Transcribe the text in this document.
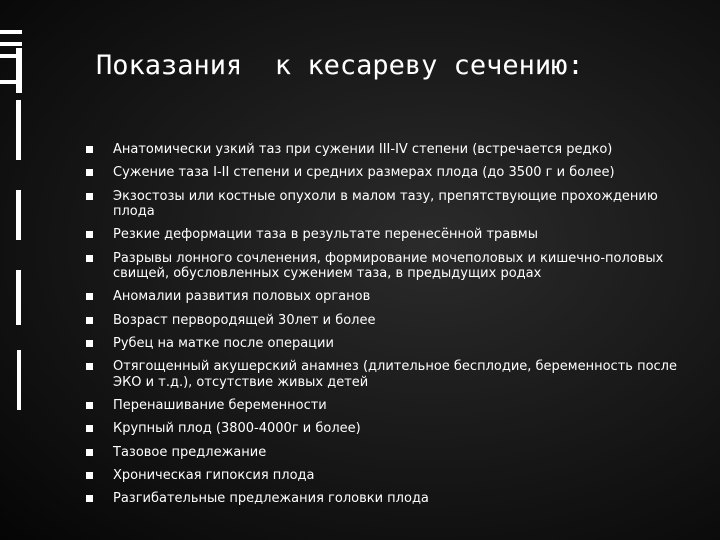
Показания  к кесареву сечению:
Анатомически узкий таз при сужении III-IV степени (встречается редко)
Сужение таза I-II степени и средних размерах плода (до 3500 г и более)
Экзостозы или костные опухоли в малом тазу, препятствующие прохождению плода
Резкие деформации таза в результате перенесённой травмы
Разрывы лонного сочленения, формирование мочеполовых и кишечно-половых свищей, обусловленных сужением таза, в предыдущих родах
Аномалии развития половых органов
Возраст первородящей 30лет и более
Рубец на матке после операции
Отягощенный акушерский анамнез (длительное бесплодие, беременность после ЭКО и т.д.), отсутствие живых детей
Перенашивание беременности
Крупный плод (3800-4000г и более)
Тазовое предлежание
Хроническая гипоксия плода
Разгибательные предлежания головки плода
